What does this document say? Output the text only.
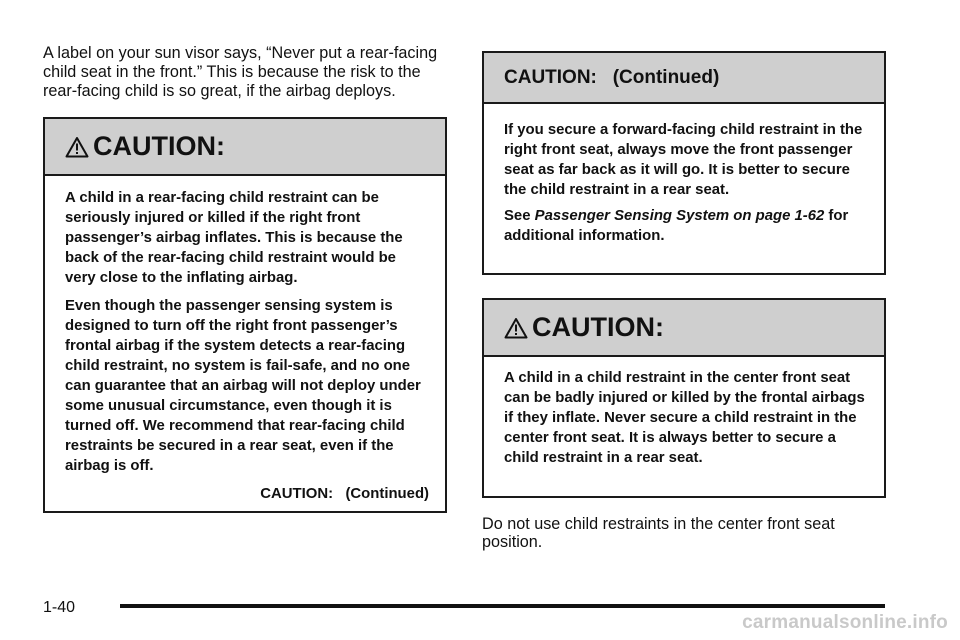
A label on your sun visor says, “Never put a rear-facing child seat in the front.” This is because the risk to the rear-facing child is so great, if the airbag deploys.

CAUTION:

A child in a rear-facing child restraint can be seriously injured or killed if the right front passenger’s airbag inflates. This is because the back of the rear-facing child restraint would be very close to the inflating airbag.

Even though the passenger sensing system is designed to turn off the right front passenger’s frontal airbag if the system detects a rear-facing child restraint, no system is fail-safe, and no one can guarantee that an airbag will not deploy under some unusual circumstance, even though it is turned off. We recommend that rear-facing child restraints be secured in a rear seat, even if the airbag is off.

CAUTION:   (Continued)

CAUTION:   (Continued)

If you secure a forward-facing child restraint in the right front seat, always move the front passenger seat as far back as it will go. It is better to secure the child restraint in a rear seat.

See Passenger Sensing System on page 1-62 for additional information.

CAUTION:

A child in a child restraint in the center front seat can be badly injured or killed by the frontal airbags if they inflate. Never secure a child restraint in the center front seat. It is always better to secure a child restraint in a rear seat.

Do not use child restraints in the center front seat position.

1-40
carmanualsonline.info
